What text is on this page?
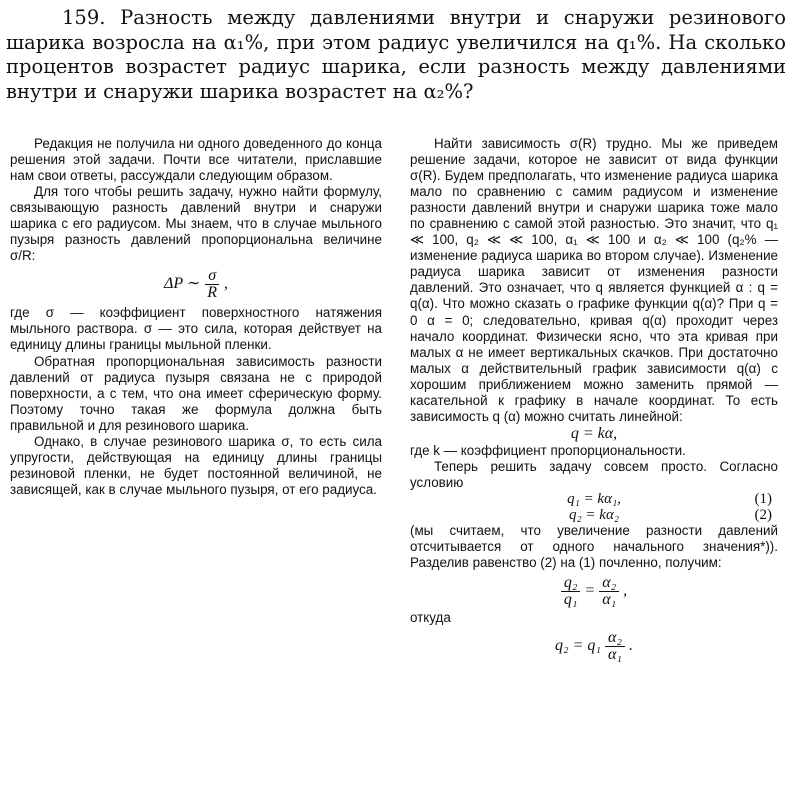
159. Разность между давлениями внутри и снаружи резинового шарика возросла на α₁%, при этом радиус увеличился на q₁%. На сколько процентов возрастет радиус шарика, если разность между давлениями внутри и снаружи шарика возрастет на α₂%?

Редакция не получила ни одного доведенного до конца решения этой задачи. Почти все читатели, приславшие нам свои ответы, рассуждали следующим образом.

Для того чтобы решить задачу, нужно найти формулу, связывающую разность давлений внутри и снаружи шарика с его радиусом. Мы знаем, что в случае мыльного пузыря разность давлений пропорциональна величине σ/R:

ΔP ∼ $\frac{\sigma}{R}$ ,

где σ — коэффициент поверхностного натяжения мыльного раствора. σ — это сила, которая действует на единицу длины границы мыльной пленки.

Обратная пропорциональная зависимость разности давлений от радиуса пузыря связана не с природой поверхности, а с тем, что она имеет сферическую форму. Поэтому точно такая же формула должна быть правильной и для резинового шарика.

Однако, в случае резинового шарика σ, то есть сила упругости, действующая на единицу длины границы резиновой пленки, не будет постоянной величиной, не зависящей, как в случае мыльного пузыря, от его радиуса.

Найти зависимость σ(R) трудно. Мы же приведем решение задачи, которое не зависит от вида функции σ(R). Будем предполагать, что изменение радиуса шарика мало по сравнению с самим радиусом и изменение разности давлений внутри и снаружи шарика тоже мало по сравнению с самой этой разностью. Это значит, что q₁ ≪ 100, q₂ ≪ ≪ 100, α₁ ≪ 100 и α₂ ≪ 100 (q₂% — изменение радиуса шарика во втором случае). Изменение радиуса шарика зависит от изменения разности давлений. Это означает, что q является функцией α : q = q(α). Что можно сказать о графике функции q(α)? При q = 0 α = 0; следовательно, кривая q(α) проходит через начало координат. Физически ясно, что эта кривая при малых α не имеет вертикальных скачков. При достаточно малых α действительный график зависимости q(α) с хорошим приближением можно заменить прямой — касательной к графику в начале координат. То есть зависимость q (α) можно считать линейной:

q = kα,

где k — коэффициент пропорциональности.

Теперь решить задачу совсем просто. Согласно условию

q₁ = kα₁,	(1)
q₂ = kα₂	(2)

(мы считаем, что увеличение разности давлений отсчитывается от одного начального значения*)). Разделив равенство (2) на (1) почленно, получим:

$\frac{\text{q₂}}{\text{q₁}} = \frac{\text{α₂}}{\text{α₁}}$ ,

откуда

$q_2 = q_1 \frac{\text{α₂}}{\text{α₁}}$ .
